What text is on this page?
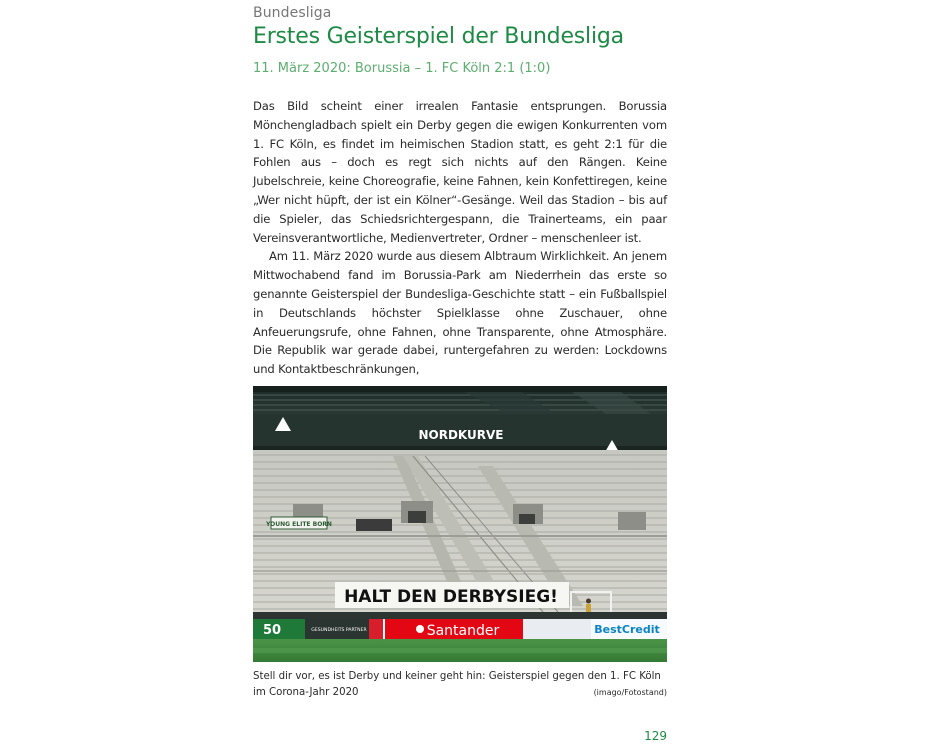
Bundesliga
Erstes Geisterspiel der Bundesliga
11. März 2020: Borussia – 1. FC Köln 2:1 (1:0)

Das Bild scheint einer irrealen Fantasie entsprungen. Borussia Mönchengladbach spielt ein Derby gegen die ewigen Konkurrenten vom 1. FC Köln, es findet im heimischen Stadion statt, es geht 2:1 für die Fohlen aus – doch es regt sich nichts auf den Rängen. Keine Jubelschreie, keine Choreografie, keine Fahnen, kein Konfettiregen, keine „Wer nicht hüpft, der ist ein Kölner“-Gesänge. Weil das Stadion – bis auf die Spieler, das Schiedsrichtergespann, die Trainerteams, ein paar Vereinsverantwortliche, Medienvertreter, Ordner – menschenleer ist.

Am 11. März 2020 wurde aus diesem Albtraum Wirklichkeit. An jenem Mittwochabend fand im Borussia-Park am Niederrhein das erste so genannte Geisterspiel der Bundesliga-Geschichte statt – ein Fußballspiel in Deutschlands höchster Spielklasse ohne Zuschauer, ohne Anfeuerungsrufe, ohne Fahnen, ohne Transparente, ohne Atmosphäre. Die Republik war gerade dabei, runtergefahren zu werden: Lockdowns und Kontaktbeschränkungen,

NORDKURVE
YOUNG ELITE BORN
HALT DEN DERBYSIEG!
50	GESUNDHEITS PARTNER	Santander	BestCredit
Stell dir vor, es ist Derby und keiner geht hin: Geisterspiel gegen den 1. FC Köln
im Corona-Jahr 2020	(imago/Fotostand)
129
